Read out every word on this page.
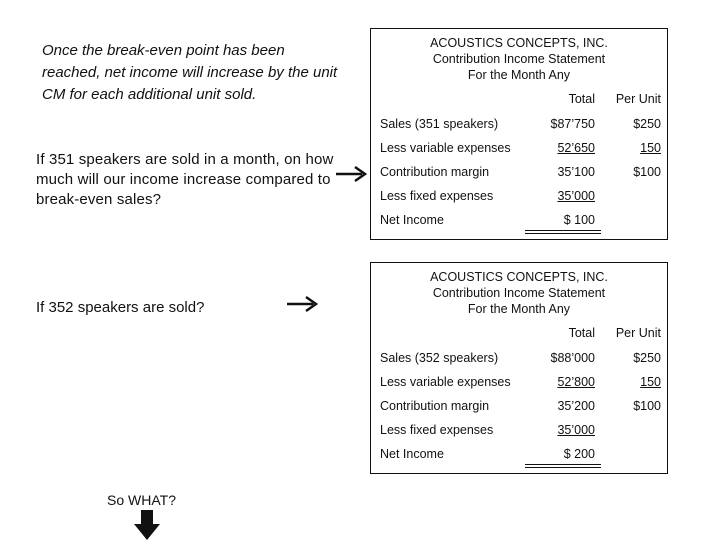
Once the break-even point has been reached, net income will increase by the unit CM for each additional unit sold.
If 351 speakers are sold in a month, on how much will our income increase compared to break-even sales?
If 352 speakers are sold?
ACOUSTICS CONCEPTS, INC.
Contribution Income Statement
For the Month Any
Total Per Unit
Sales (351 speakers)	$87’750	$250
Less variable expenses	52’650	150
Contribution margin	35’100	$100
Less fixed expenses	35’000
Net Income	$ 100
ACOUSTICS CONCEPTS, INC.
Contribution Income Statement
For the Month Any
Total Per Unit
Sales (352 speakers)	$88’000	$250
Less variable expenses	52’800	150
Contribution margin	35’200	$100
Less fixed expenses	35’000
Net Income	$ 200
So WHAT?
